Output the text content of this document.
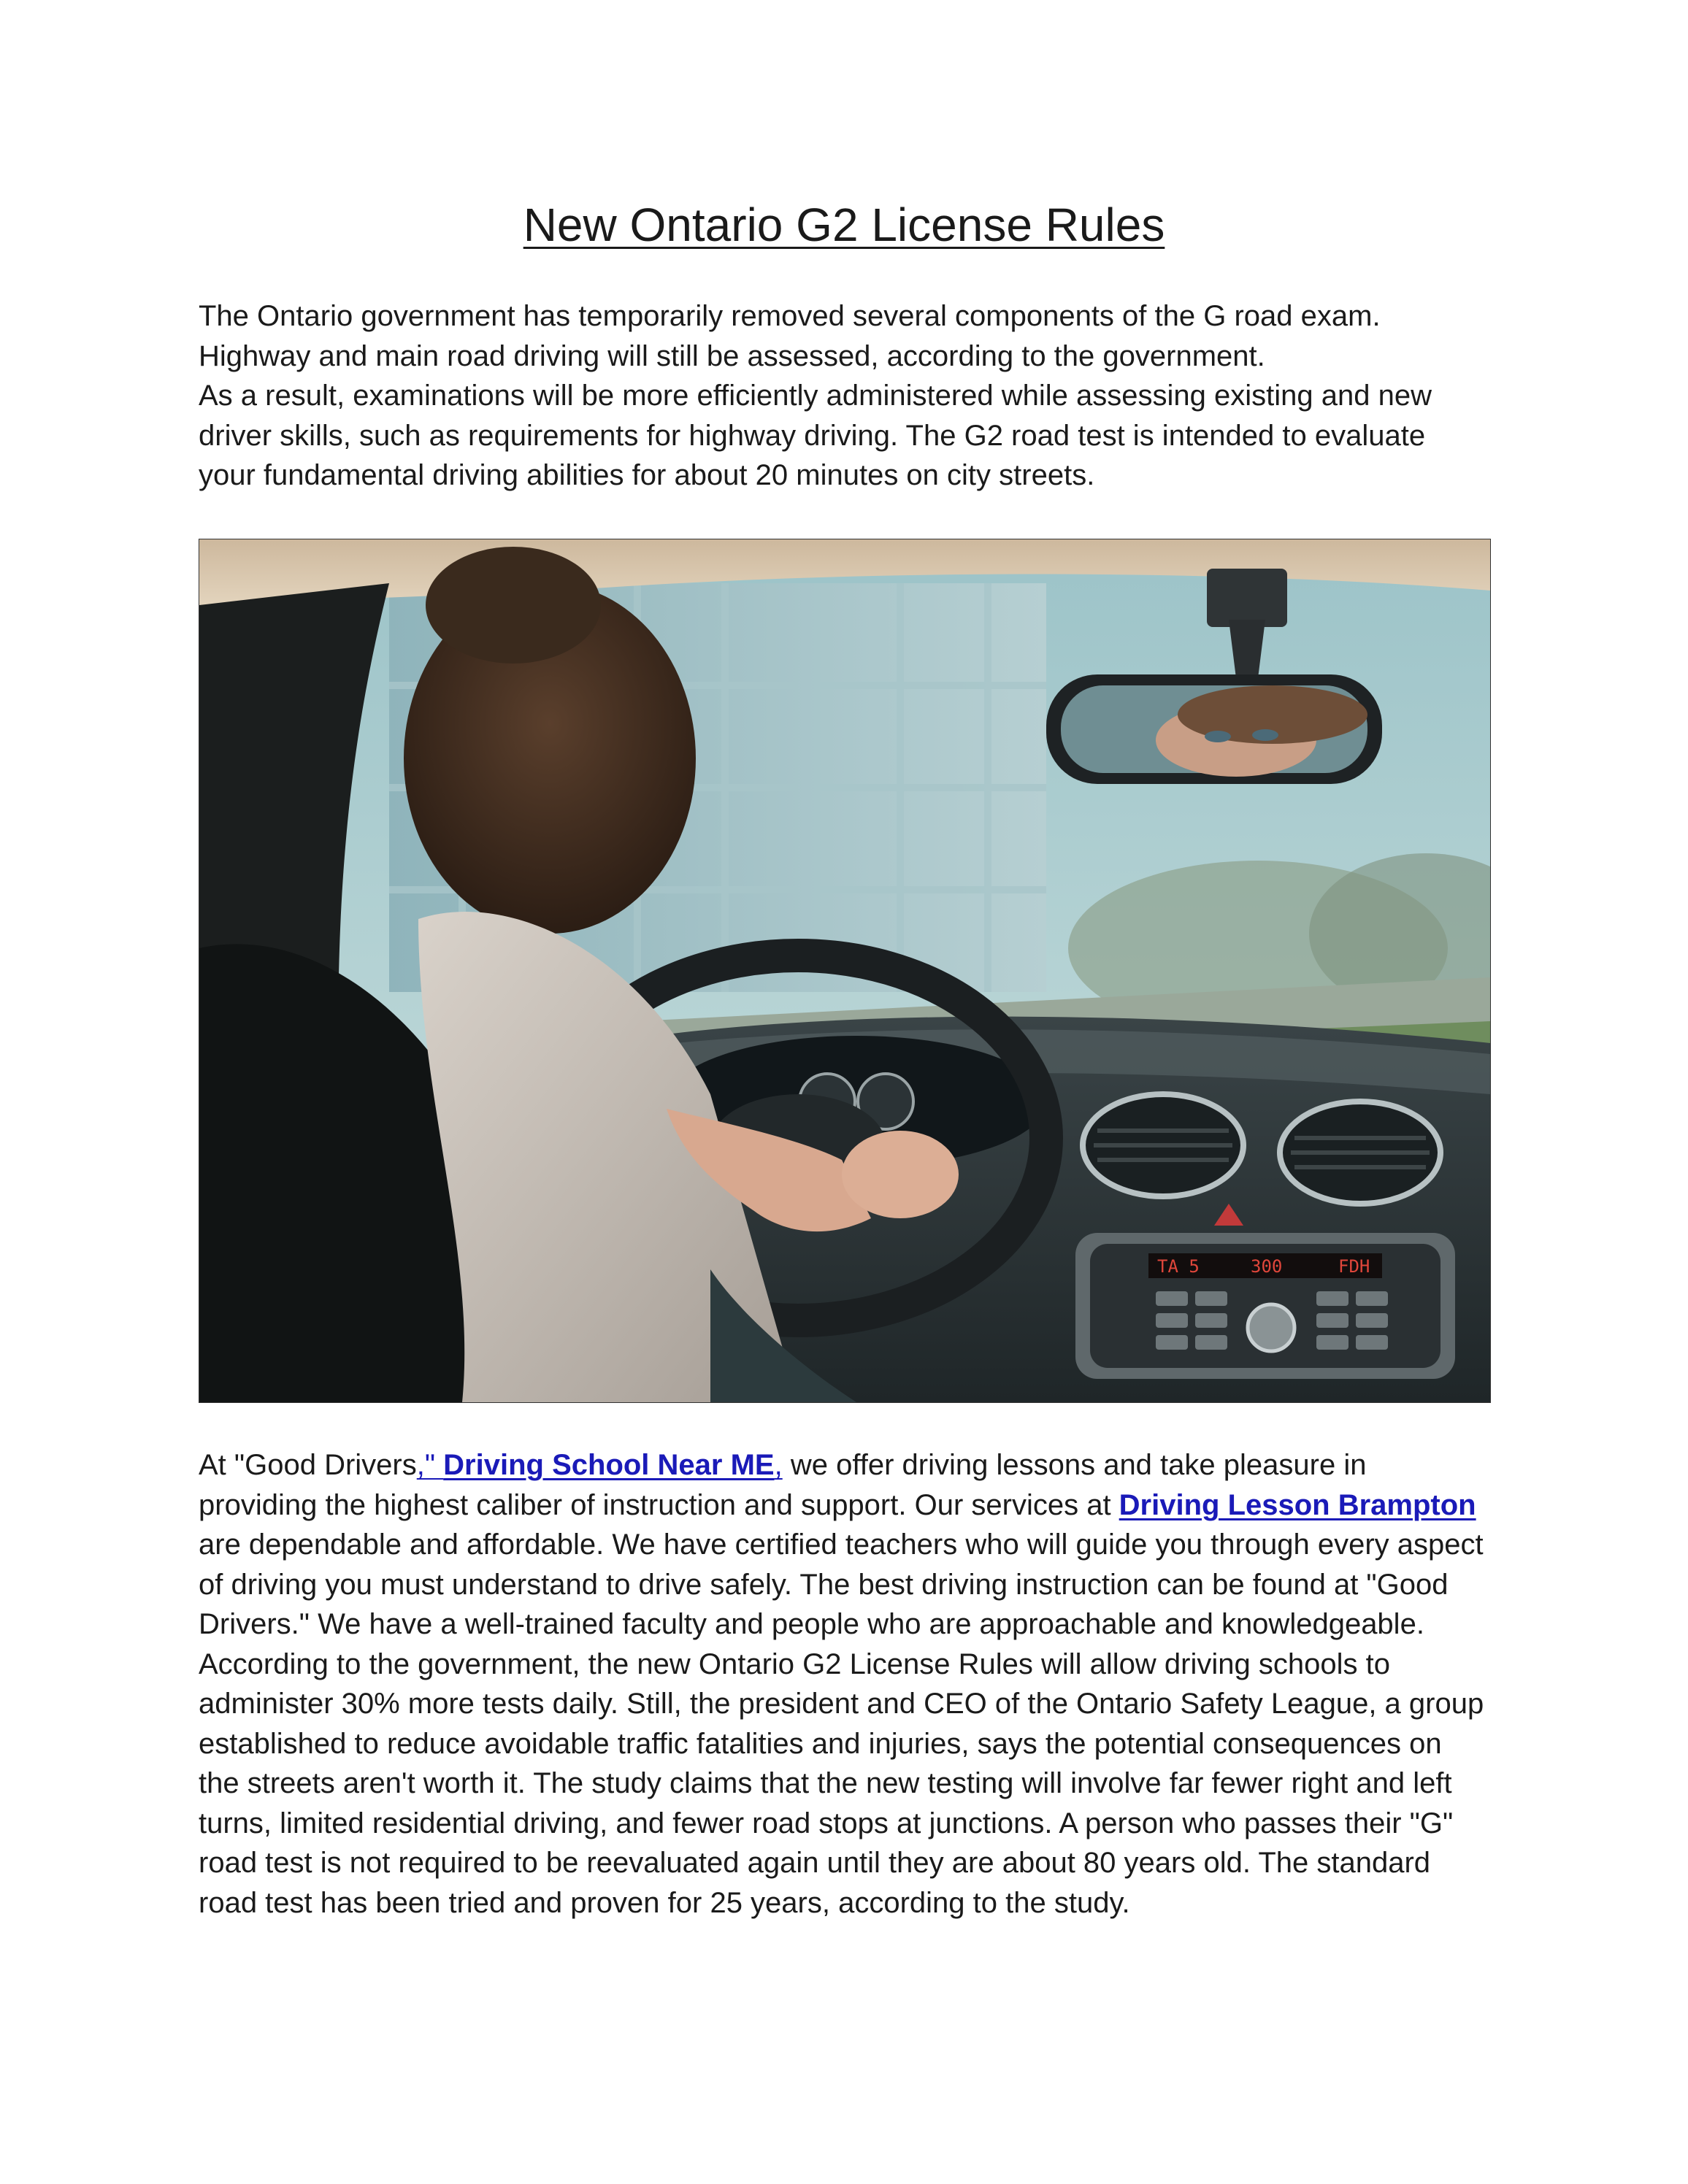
New Ontario G2 License Rules

The Ontario government has temporarily removed several components of the G road exam.
Highway and main road driving will still be assessed, according to the government.
As a result, examinations will be more efficiently administered while assessing existing and new driver skills, such as requirements for highway driving. The G2 road test is intended to evaluate your fundamental driving abilities for about 20 minutes on city streets.

TA 5	300	FDH

At "Good Drivers," Driving School Near ME, we offer driving lessons and take pleasure in providing the highest caliber of instruction and support. Our services at Driving Lesson Brampton are dependable and affordable. We have certified teachers who will guide you through every aspect of driving you must understand to drive safely. The best driving instruction can be found at "Good Drivers." We have a well-trained faculty and people who are approachable and knowledgeable. According to the government, the new Ontario G2 License Rules will allow driving schools to administer 30% more tests daily. Still, the president and CEO of the Ontario Safety League, a group established to reduce avoidable traffic fatalities and injuries, says the potential consequences on the streets aren't worth it. The study claims that the new testing will involve far fewer right and left turns, limited residential driving, and fewer road stops at junctions. A person who passes their "G" road test is not required to be reevaluated again until they are about 80 years old. The standard road test has been tried and proven for 25 years, according to the study.
